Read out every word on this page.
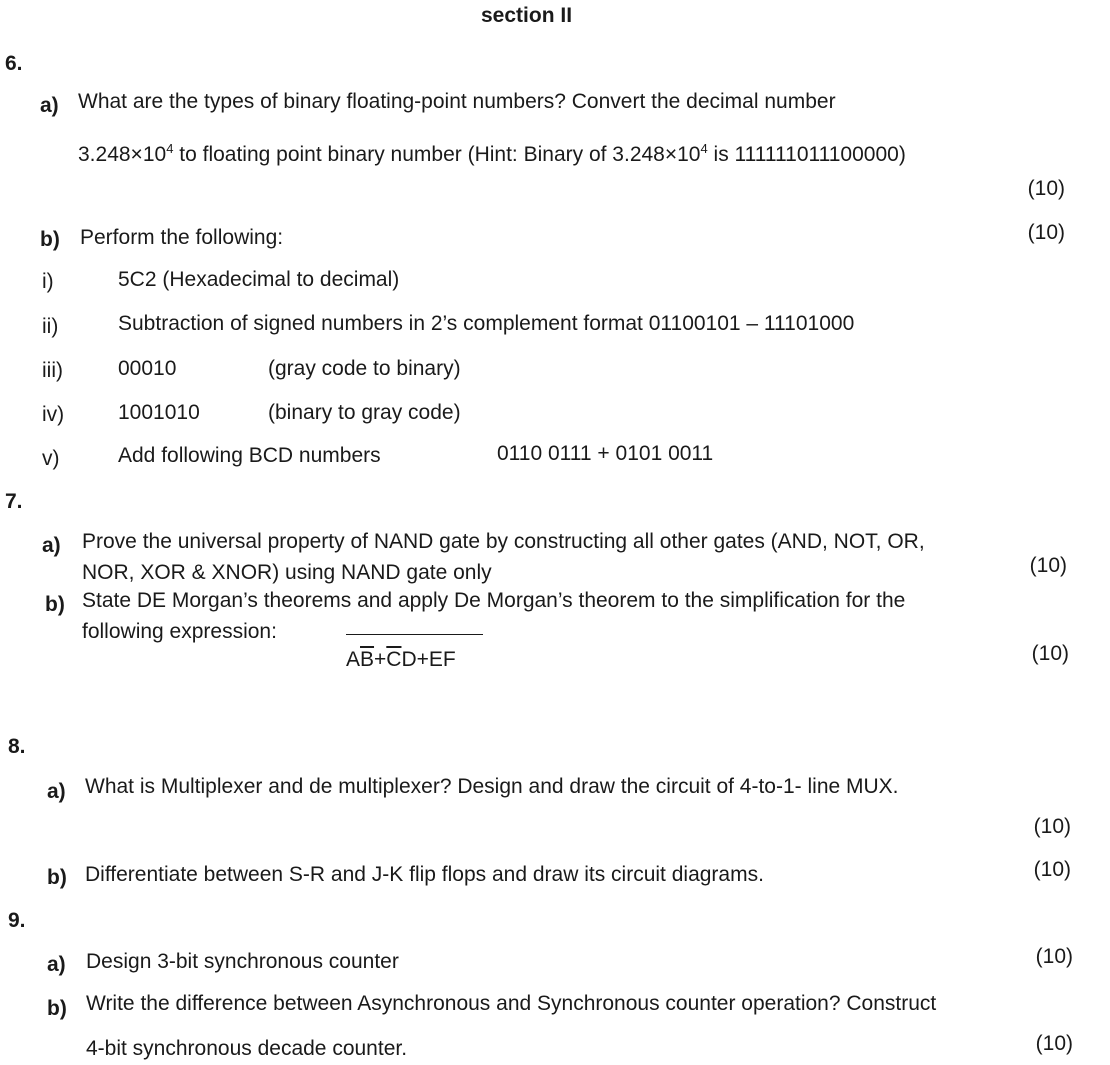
section II
6.
a) What are the types of binary floating-point numbers? Convert the decimal number
$3.248\times 10^4$ to floating point binary number (Hint: Binary of $3.248\times 10^4$ is 111111011100000)
(10)
b) Perform the following:	(10)
i)	5C2 (Hexadecimal to decimal)
ii)	Subtraction of signed numbers in 2’s complement format 01100101 – 11101000
iii)	00010	(gray code to binary)
iv)	1001010	(binary to gray code)
v)	Add following BCD numbers	0110 0111 + 0101 0011
7.
a) Prove the universal property of NAND gate by constructing all other gates (AND, NOT, OR,
NOR, XOR & XNOR) using NAND gate only	(10)
b) State DE Morgan’s theorems and apply De Morgan’s theorem to the simplification for the
following expression:
$A\overline{B}+\overline{C}D+EF$	(10)
8.
a) What is Multiplexer and de multiplexer? Design and draw the circuit of 4-to-1- line MUX.
(10)
b) Differentiate between S-R and J-K flip flops and draw its circuit diagrams.	(10)
9.
a) Design 3-bit synchronous counter	(10)
b) Write the difference between Asynchronous and Synchronous counter operation? Construct
4-bit synchronous decade counter.	(10)
